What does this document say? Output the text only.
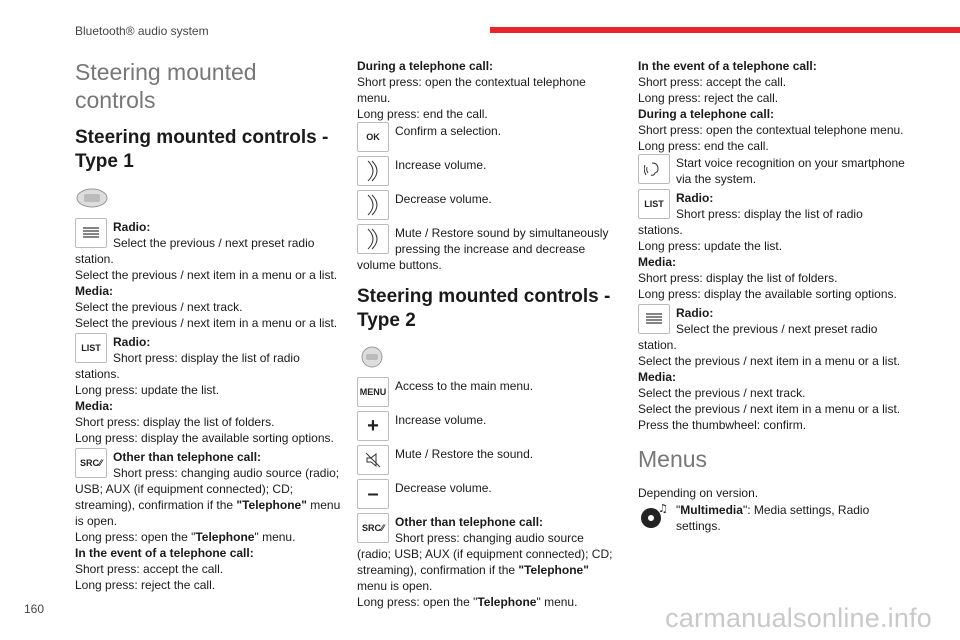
Bluetooth® audio system
Steering mounted controls
Steering mounted controls - Type 1

Radio:

Select the previous / next preset radio station.

Select the previous / next item in a menu or a list.

Media:

Select the previous / next track.

Select the previous / next item in a menu or a list.

LIST	Radio:

Short press: display the list of radio stations.

Long press: update the list.

Media:

Short press: display the list of folders.

Long press: display the available sorting options.

SRC ⁄⁄ Other than telephone call:

Short press: changing audio source (radio; USB; AUX (if equipment connected); CD; streaming), confirmation if the "Telephone" menu is open.

Long press: open the "Telephone" menu.

In the event of a telephone call:

Short press: accept the call.

Long press: reject the call.

During a telephone call:

Short press: open the contextual telephone menu.

Long press: end the call.

OK	Confirm a selection.

Increase volume.

Decrease volume.

Mute / Restore sound by simultaneously pressing the increase and decrease volume buttons.

Steering mounted controls - Type 2
MENU Access to the main menu.

+	Increase volume.

Mute / Restore the sound.

–	Decrease volume.

SRC ⁄⁄ Other than telephone call:

Short press: changing audio source (radio; USB; AUX (if equipment connected); CD; streaming), confirmation if the "Telephone" menu is open.

Long press: open the "Telephone" menu.

In the event of a telephone call:

Short press: accept the call.

Long press: reject the call.

During a telephone call:

Short press: open the contextual telephone menu.

Long press: end the call.

Start voice recognition on your smartphone via the system.

LIST	Radio:

Short press: display the list of radio stations.

Long press: update the list.

Media:

Short press: display the list of folders.

Long press: display the available sorting options.

Radio:

Select the previous / next preset radio station.

Select the previous / next item in a menu or a list.

Media:

Select the previous / next track.

Select the previous / next item in a menu or a list.

Press the thumbwheel: confirm.

Menus

Depending on version.

♫ "Multimedia": Media settings, Radio settings.

160	carmanualsonline.info
